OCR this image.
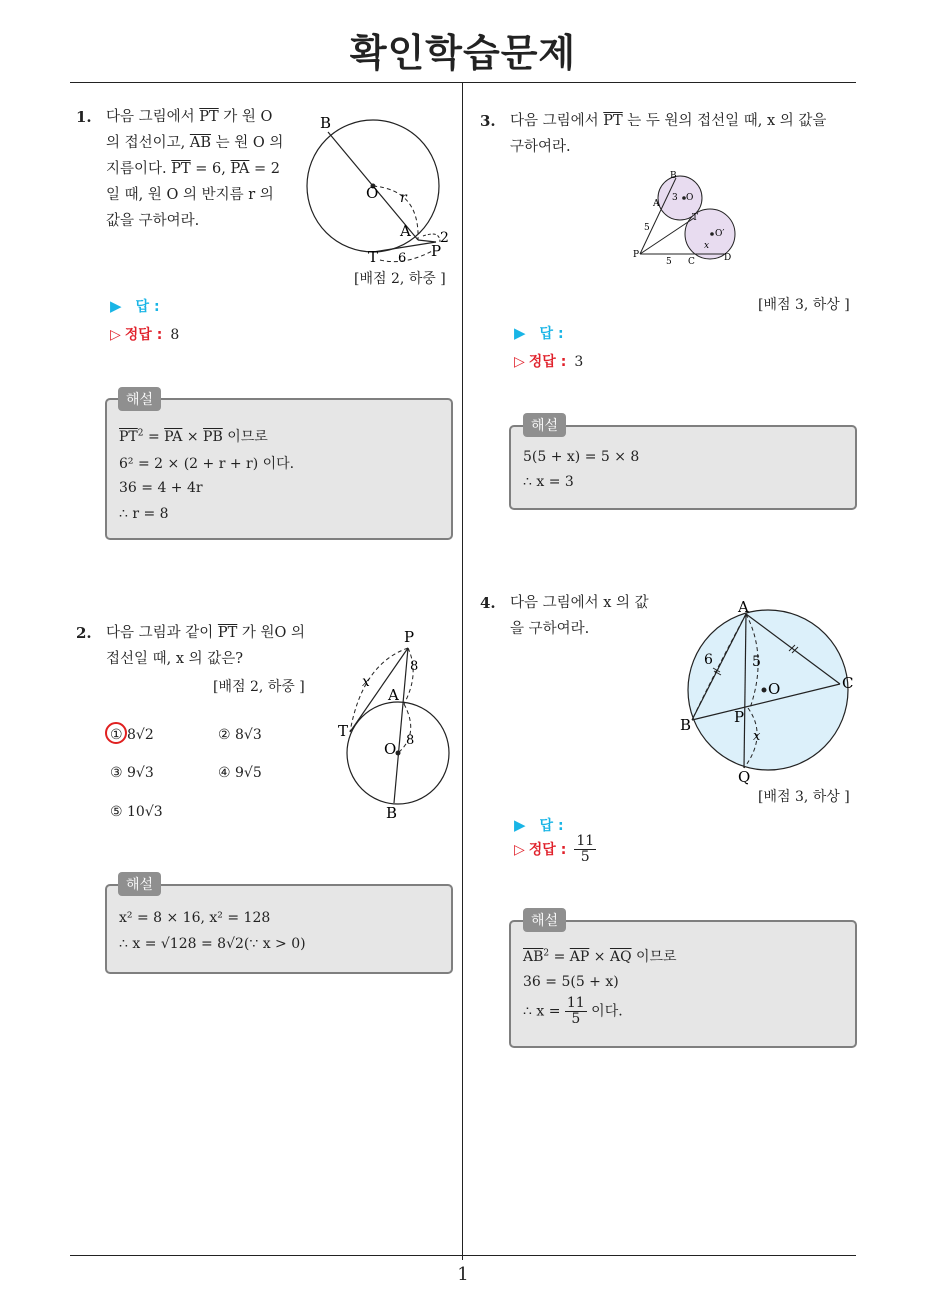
확인학습문제
1. 다음 그림에서 $\overline{PT}$ 가 원 O
의 접선이고, $\overline{AB}$ 는 원 O 의
지름이다. $\overline{PT} = 6$, $\overline{PA} = 2$
일 때, 원 O 의 반지름 r 의
값을 구하여라.
B
O r
A 2
T 6 P
[배점 2, 하중 ]
▶ 답 :
▷ 정답 : 8
해설
$\overline{PT}^2 = \overline{PA} \times \overline{PB}$ 이므로
6² = 2 × (2 + r + r) 이다.
36 = 4 + 4r
∴ r = 8
2. 다음 그림과 같이 $\overline{PT}$ 가 원O 의
접선일 때, x 의 값은?
[배점 2, 하중 ]
① 8√2	② 8√3
③ 9√3	④ 9√5
⑤ 10√3
P
8
x
A
T
O 8
B
해설
x² = 8 × 16, x² = 128
∴ x = √128 = 8√2(∵ x > 0)
3. 다음 그림에서 $\overline{PT}$ 는 두 원의 접선일 때, x 의 값을
구하여라.
B
3 O
A
T
O′
5
x
P
5 C	D
[배점 3, 하상 ]
▶ 답 :
▷ 정답 : 3
해설
5(5 + x) = 5 × 8
∴ x = 3
4. 다음 그림에서 x 의 값
을 구하여라.
A
6	5
C
O
B	P
x
Q
[배점 3, 하상 ]
▶ 답 :
▷ 정답 : $\frac{11}{5}$
해설
$\overline{AB}^2 = \overline{AP} \times \overline{AQ}$ 이므로
36 = 5(5 + x)
∴ $x = \frac{11}{5}$ 이다.
1
